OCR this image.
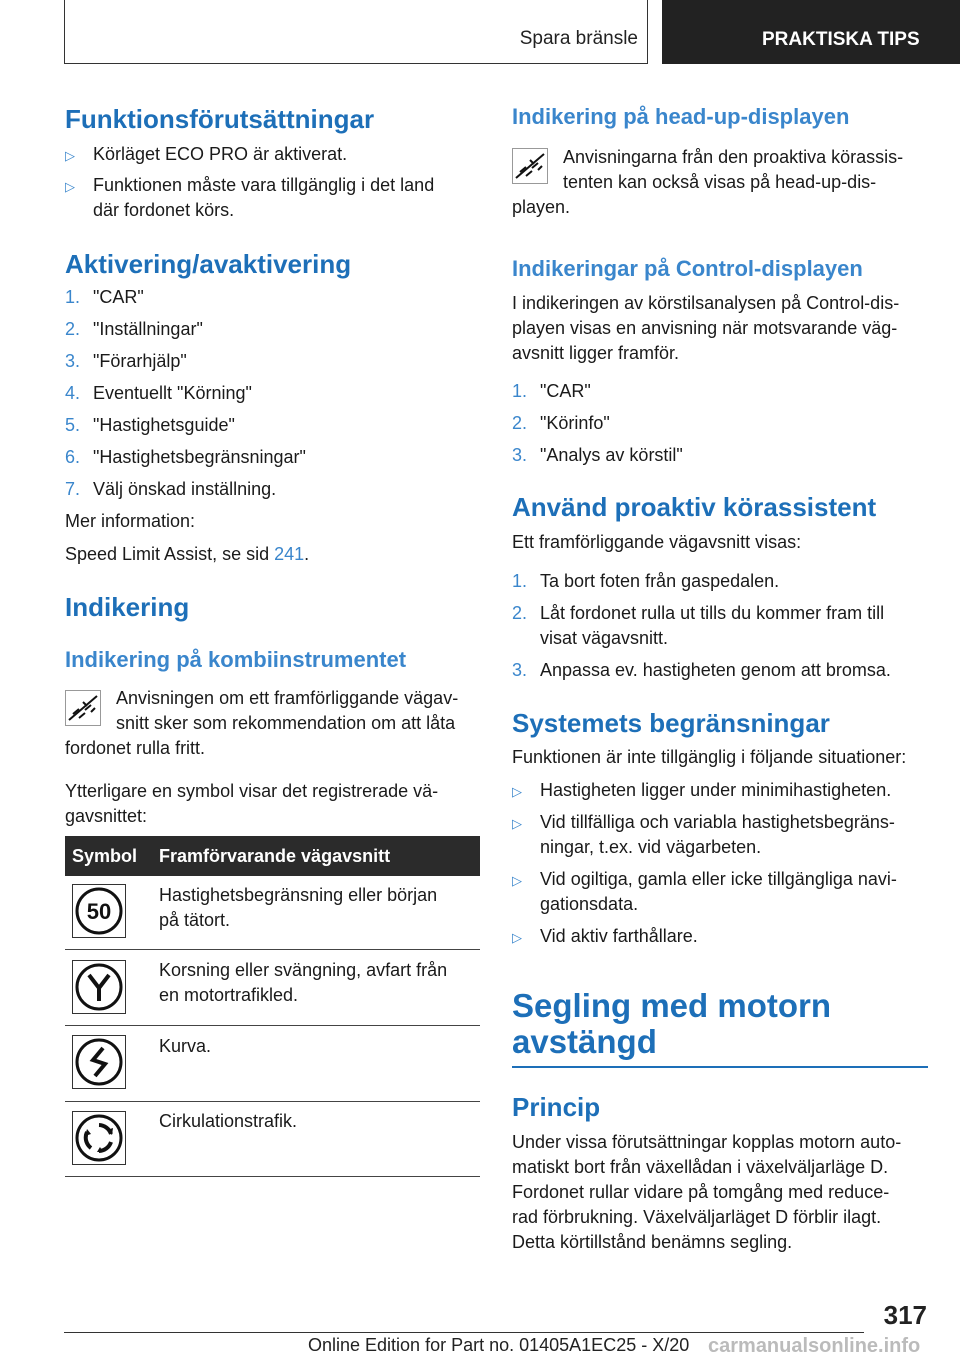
Spara bränsle	PRAKTISKA TIPS
Funktionsförutsättningar
▷ Körläget ECO PRO är aktiverat.
▷ Funktionen måste vara tillgänglig i det land
där fordonet körs.
Aktivering/avaktivering
1. "CAR"
2. "Inställningar"
3. "Förarhjälp"
4. Eventuellt "Körning"
5. "Hastighetsguide"
6. "Hastighetsbegränsningar"
7. Välj önskad inställning.
Mer information:
Speed Limit Assist, se sid 241.
Indikering
Indikering på kombiinstrumentet
Anvisningen om ett framförliggande vägav-
snitt sker som rekommendation om att låta
fordonet rulla fritt.
Ytterligare en symbol visar det registrerade vä-
gavsnittet:
Symbol Framförvarande vägavsnitt
50
Hastighetsbegränsning eller början
på tätort.
Korsning eller svängning, avfart från
en motortrafikled.
Kurva.
Cirkulationstrafik.
Indikering på head-up-displayen
Anvisningarna från den proaktiva körassis-
tenten kan också visas på head-up-dis-
playen.
Indikeringar på Control-displayen
I indikeringen av körstilsanalysen på Control-dis-
playen visas en anvisning när motsvarande väg-
avsnitt ligger framför.
1. "CAR"
2. "Körinfo"
3. "Analys av körstil"
Använd proaktiv körassistent
Ett framförliggande vägavsnitt visas:
1. Ta bort foten från gaspedalen.
2. Låt fordonet rulla ut tills du kommer fram till
visat vägavsnitt.
3. Anpassa ev. hastigheten genom att bromsa.
Systemets begränsningar
Funktionen är inte tillgänglig i följande situationer:
▷ Hastigheten ligger under minimihastigheten.
▷ Vid tillfälliga och variabla hastighetsbegräns-
ningar, t.ex. vid vägarbeten.
▷ Vid ogiltiga, gamla eller icke tillgängliga navi-
gationsdata.
▷ Vid aktiv farthållare.
Segling med motorn
avstängd
Princip
Under vissa förutsättningar kopplas motorn auto-
matiskt bort från växellådan i växelväljarläge D.
Fordonet rullar vidare på tomgång med reduce-
rad förbrukning. Växelväljarläget D förblir ilagt.
Detta körtillstånd benämns segling.
317
Online Edition for Part no. 01405A1EC25 - X/20 carmanualsonline.info
